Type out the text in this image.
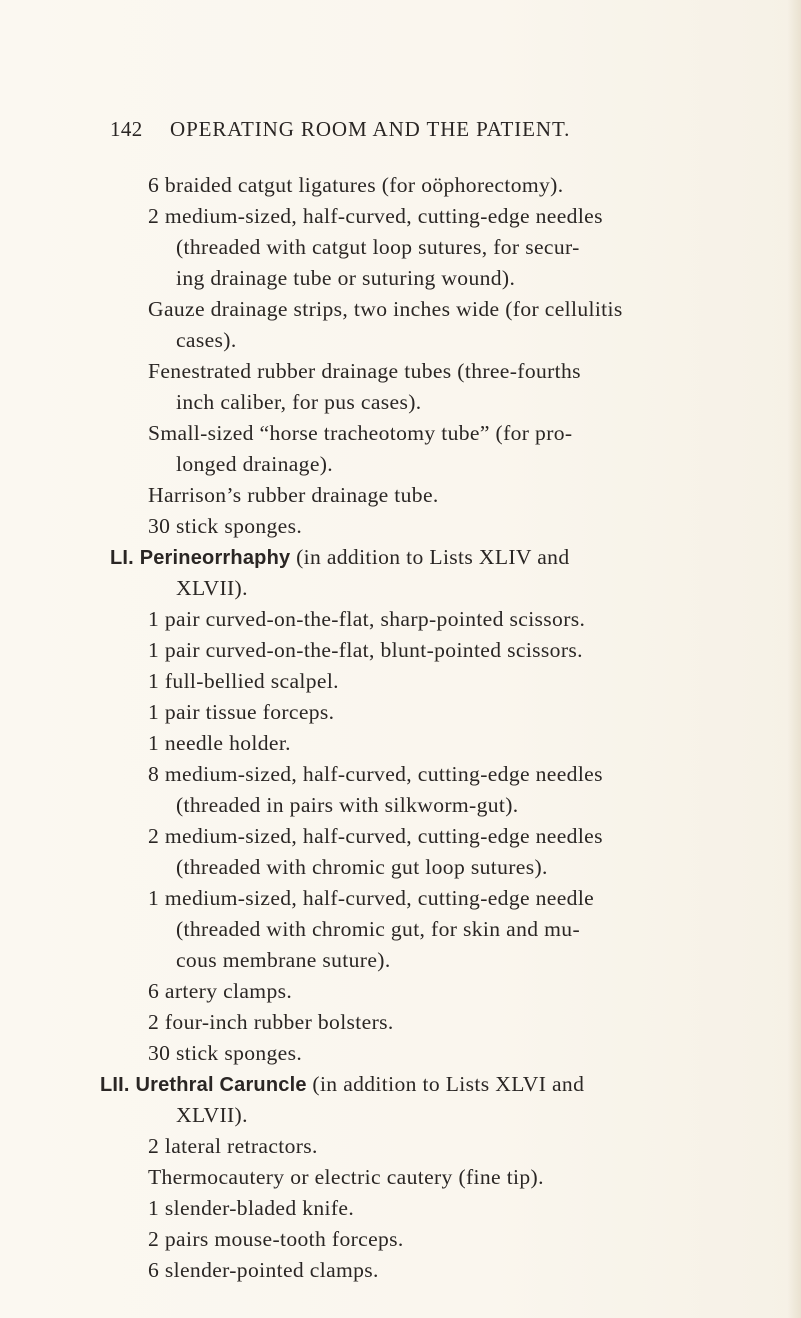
142 OPERATING ROOM AND THE PATIENT.
6 braided catgut ligatures (for oöphorectomy).
2 medium-sized, half-curved, cutting-edge needles
(threaded with catgut loop sutures, for secur-
ing drainage tube or suturing wound).
Gauze drainage strips, two inches wide (for cellulitis
cases).
Fenestrated rubber drainage tubes (three-fourths
inch caliber, for pus cases).
Small-sized “horse tracheotomy tube” (for pro-
longed drainage).
Harrison’s rubber drainage tube.
30 stick sponges.
LI. Perineorrhaphy (in addition to Lists XLIV and
XLVII).
1 pair curved-on-the-flat, sharp-pointed scissors.
1 pair curved-on-the-flat, blunt-pointed scissors.
1 full-bellied scalpel.
1 pair tissue forceps.
1 needle holder.
8 medium-sized, half-curved, cutting-edge needles
(threaded in pairs with silkworm-gut).
2 medium-sized, half-curved, cutting-edge needles
(threaded with chromic gut loop sutures).
1 medium-sized, half-curved, cutting-edge needle
(threaded with chromic gut, for skin and mu-
cous membrane suture).
6 artery clamps.
2 four-inch rubber bolsters.
30 stick sponges.
LII. Urethral Caruncle (in addition to Lists XLVI and
XLVII).
2 lateral retractors.
Thermocautery or electric cautery (fine tip).
1 slender-bladed knife.
2 pairs mouse-tooth forceps.
6 slender-pointed clamps.
